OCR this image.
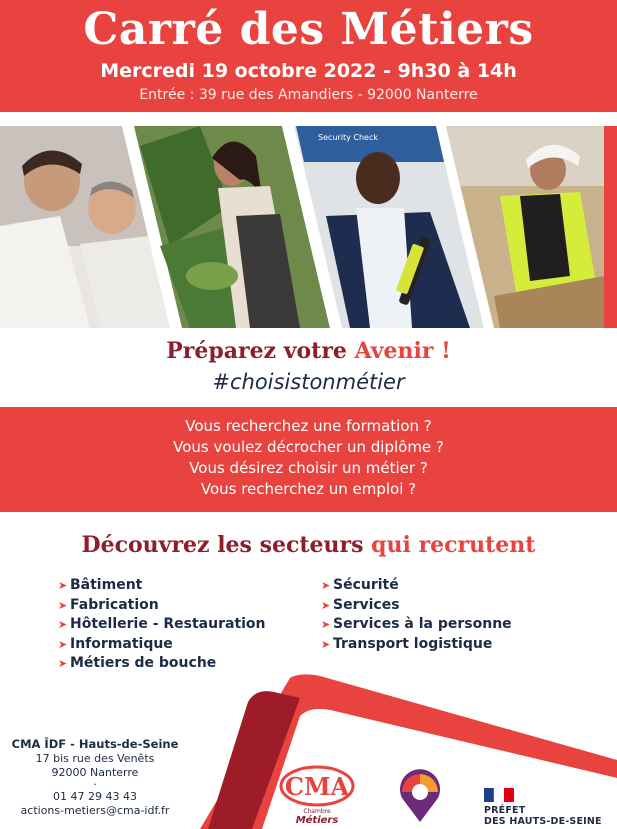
Carré des Métiers
Mercredi 19 octobre 2022 - 9h30 à 14h
Entrée : 39 rue des Amandiers - 92000 Nanterre
Security Check
Préparez votre Avenir !
#choisistonmétier
Vous recherchez une formation ?
Vous voulez décrocher un diplôme ?
Vous désirez choisir un métier ?
Vous recherchez un emploi ?
Découvrez les secteurs qui recrutent
➤ Bâtiment
➤ Fabrication
➤ Hôtellerie - Restauration
➤ Informatique
➤ Métiers de bouche
➤ Sécurité
➤ Services
➤ Services à la personne
➤ Transport logistique
CMA ÎDF - Hauts-de-Seine
17 bis rue des Venêts
92000 Nanterre
·
01 47 29 43 43
actions-metiers@cma-idf.fr
CMA
Chambre
Métiers
PRÉFET
DES HAUTS-DE-SEINE
